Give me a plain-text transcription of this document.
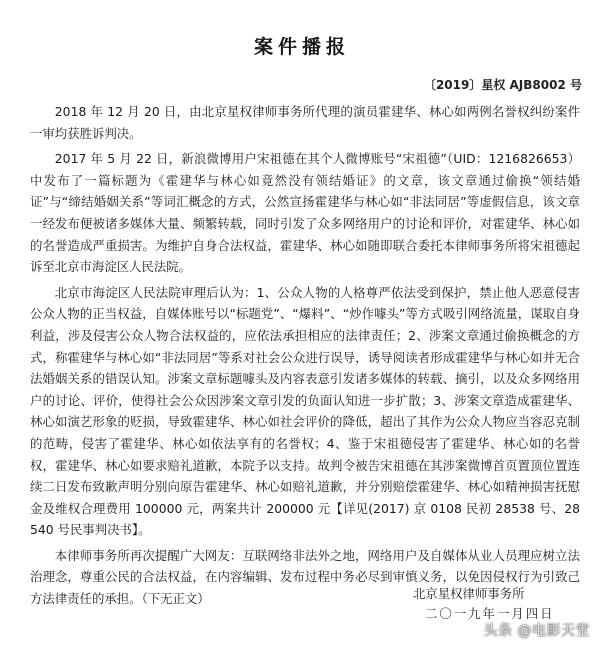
案件播报
〔2019〕星权 AJB8002 号

2018 年 12 月 20 日，由北京星权律师事务所代理的演员霍建华、林心如两例名誉权纠纷案件一审均获胜诉判决。

2017 年 5 月 22 日，新浪微博用户宋祖德在其个人微博账号“宋祖德”（UID：1216826653）中发布了一篇标题为《霍建华与林心如竟然没有领结婚证》的文章，该文章通过偷换“领结婚证”与“缔结婚姻关系”等词汇概念的方式，公然宣扬霍建华与林心如“非法同居”等虚假信息，该文章一经发布便被诸多媒体大量、频繁转载，同时引发了众多网络用户的讨论和评价，对霍建华、林心如的名誉造成严重损害。为维护自身合法权益，霍建华、林心如随即联合委托本律师事务所将宋祖德起诉至北京市海淀区人民法院。

北京市海淀区人民法院审理后认为：1、公众人物的人格尊严依法受到保护，禁止他人恶意侵害公众人物的正当权益，自媒体账号以“标题党”、“爆料”、“炒作噱头”等方式吸引网络流量，谋取自身利益，涉及侵害公众人物合法权益的，应依法承担相应的法律责任；2、涉案文章通过偷换概念的方式，称霍建华与林心如“非法同居”等系对社会公众进行误导，诱导阅读者形成霍建华与林心如并无合法婚姻关系的错误认知。涉案文章标题噱头及内容表意引发诸多媒体的转载、摘引，以及众多网络用户的讨论、评价，使得社会公众因涉案文章引发的负面认知进一步扩散；3、涉案文章造成霍建华、林心如演艺形象的贬损，导致霍建华、林心如社会评价的降低，超出了其作为公众人物应当容忍克制的范畴，侵害了霍建华、林心如依法享有的名誉权；4、鉴于宋祖德侵害了霍建华、林心如的名誉权，霍建华、林心如要求赔礼道歉，本院予以支持。故判令被告宋祖德在其涉案微博首页置顶位置连续二日发布致歉声明分别向原告霍建华、林心如赔礼道歉，并分别赔偿霍建华、林心如精神损害抚慰金及维权合理费用 100000 元，两案共计 200000 元【详见(2017) 京 0108 民初 28538 号、28540 号民事判决书】。

本律师事务所再次提醒广大网友：互联网络非法外之地，网络用户及自媒体从业人员理应树立法治理念，尊重公民的合法权益，在内容编辑、发布过程中务必尽到审慎义务，以免因侵权行为引致己方法律责任的承担。（下无正文）	北京星权律师事务所
二〇一九年一月四日
头条 @电影天堂
